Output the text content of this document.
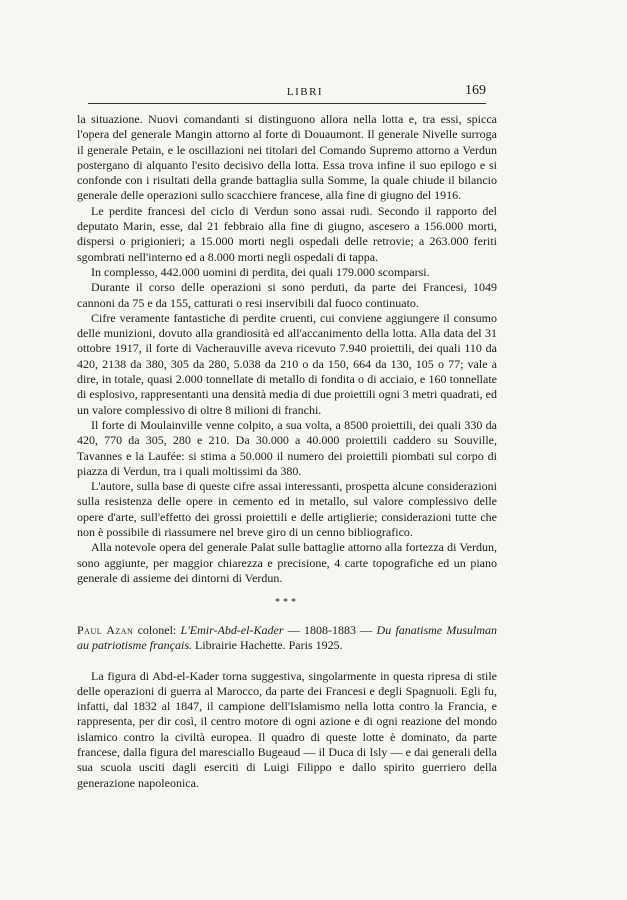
LIBRI	169

la situazione. Nuovi comandanti si distinguono allora nella lotta e, tra essi, spicca l'opera del generale Mangin attorno al forte di Douaumont. Il generale Nivelle surroga il generale Petain, e le oscillazioni nei titolari del Comando Supremo attorno a Verdun postergano di alquanto l'esito decisivo della lotta. Essa trova infine il suo epilogo e si confonde con i risultati della grande battaglia sulla Somme, la quale chiude il bilancio generale delle operazioni sullo scacchiere francese, alla fine di giugno del 1916.

Le perdite francesi del ciclo di Verdun sono assai rudi. Secondo il rapporto del deputato Marin, esse, dal 21 febbraio alla fine di giugno, ascesero a 156.000 morti, dispersi o prigionieri; a 15.000 morti negli ospedali delle retrovie; a 263.000 feriti sgombrati nell'interno ed a 8.000 morti negli ospedali di tappa.

In complesso, 442.000 uomini di perdita, dei quali 179.000 scomparsi.

Durante il corso delle operazioni si sono perduti, da parte dei Francesi, 1049 cannoni da 75 e da 155, catturati o resi inservibili dal fuoco continuato.

Cifre veramente fantastiche di perdite cruenti, cui conviene aggiungere il consumo delle munizioni, dovuto alla grandiosità ed all'accanimento della lotta. Alla data del 31 ottobre 1917, il forte di Vacherauville aveva ricevuto 7.940 proiettili, dei quali 110 da 420, 2138 da 380, 305 da 280, 5.038 da 210 o da 150, 664 da 130, 105 o 77; vale a dire, in totale, quasi 2.000 tonnellate di metallo di fondita o di acciaio, e 160 tonnellate di esplosivo, rappresentanti una densità media di due proiettili ogni 3 metri quadrati, ed un valore complessivo di oltre 8 milioni di franchi.

Il forte di Moulainville venne colpito, a sua volta, a 8500 proiettili, dei quali 330 da 420, 770 da 305, 280 e 210. Da 30.000 a 40.000 proiettili caddero su Souville, Tavannes e la Laufée: si stima a 50.000 il numero dei proiettili piombati sul corpo di piazza di Verdun, tra i quali moltissimi da 380.

L'autore, sulla base di queste cifre assai interessanti, prospetta alcune considerazioni sulla resistenza delle opere in cemento ed in metallo, sul valore complessivo delle opere d'arte, sull'effetto dei grossi proiettili e delle artiglierie; considerazioni tutte che non è possibile di riassumere nel breve giro di un cenno bibliografico.

Alla notevole opera del generale Palat sulle battaglie attorno alla fortezza di Verdun, sono aggiunte, per maggior chiarezza e precisione, 4 carte topografiche ed un piano generale di assieme dei dintorni di Verdun.

***

Paul Azan colonel: L'Emir-Abd-el-Kader — 1808-1883 — Du fanatisme Musulman au patriotisme français. Librairie Hachette. Paris 1925.

La figura di Abd-el-Kader torna suggestiva, singolarmente in questa ripresa di stile delle operazioni di guerra al Marocco, da parte dei Francesi e degli Spagnuoli. Egli fu, infatti, dal 1832 al 1847, il campione dell'Islamismo nella lotta contro la Francia, e rappresenta, per dir così, il centro motore di ogni azione e di ogni reazione del mondo islamico contro la civiltà europea. Il quadro di queste lotte è dominato, da parte francese, dalla figura del maresciallo Bugeaud — il Duca di Isly — e dai generali della sua scuola usciti dagli eserciti di Luigi Filippo e dallo spirito guerriero della generazione napoleonica.
